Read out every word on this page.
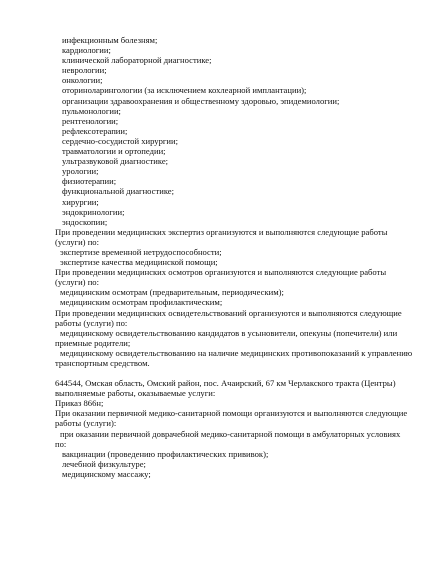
инфекционным болезням;
кардиологии;
клинической лабораторной диагностике;
неврологии;
онкологии;
оториноларингологии (за исключением кохлеарной имплантации);
организации здравоохранения и общественному здоровью, эпидемиологии;
пульмонологии;
рентгенологии;
рефлексотерапии;
сердечно-сосудистой хирургии;
травматологии и ортопедии;
ультразвуковой диагностике;
урологии;
физиотерапии;
функциональной диагностике;
хирургии;
эндокринологии;
эндоскопии;
При проведении медицинских экспертиз организуются и выполняются следующие работы
(услуги) по:
экспертизе временной нетрудоспособности;
экспертизе качества медицинской помощи;
При проведении медицинских осмотров организуются и выполняются следующие работы
(услуги) по:
медицинским осмотрам (предварительным, периодическим);
медицинским осмотрам профилактическим;
При проведении медицинских освидетельствований организуются и выполняются следующие
работы (услуги) по:
медицинскому освидетельствованию кандидатов в усыновители, опекуны (попечители) или
приемные родители;
медицинскому освидетельствованию на наличие медицинских противопоказаний к управлению
транспортным средством.
644544, Омская область, Омский район, пос. Ачаирский, 67 км Черлакского тракта (Центры)
выполняемые работы, оказываемые услуги:
Приказ 866н;
При оказании первичной медико-санитарной помощи организуются и выполняются следующие
работы (услуги):
при оказании первичной доврачебной медико-санитарной помощи в амбулаторных условиях
по:
вакцинации (проведению профилактических прививок);
лечебной физкультуре;
медицинскому массажу;
